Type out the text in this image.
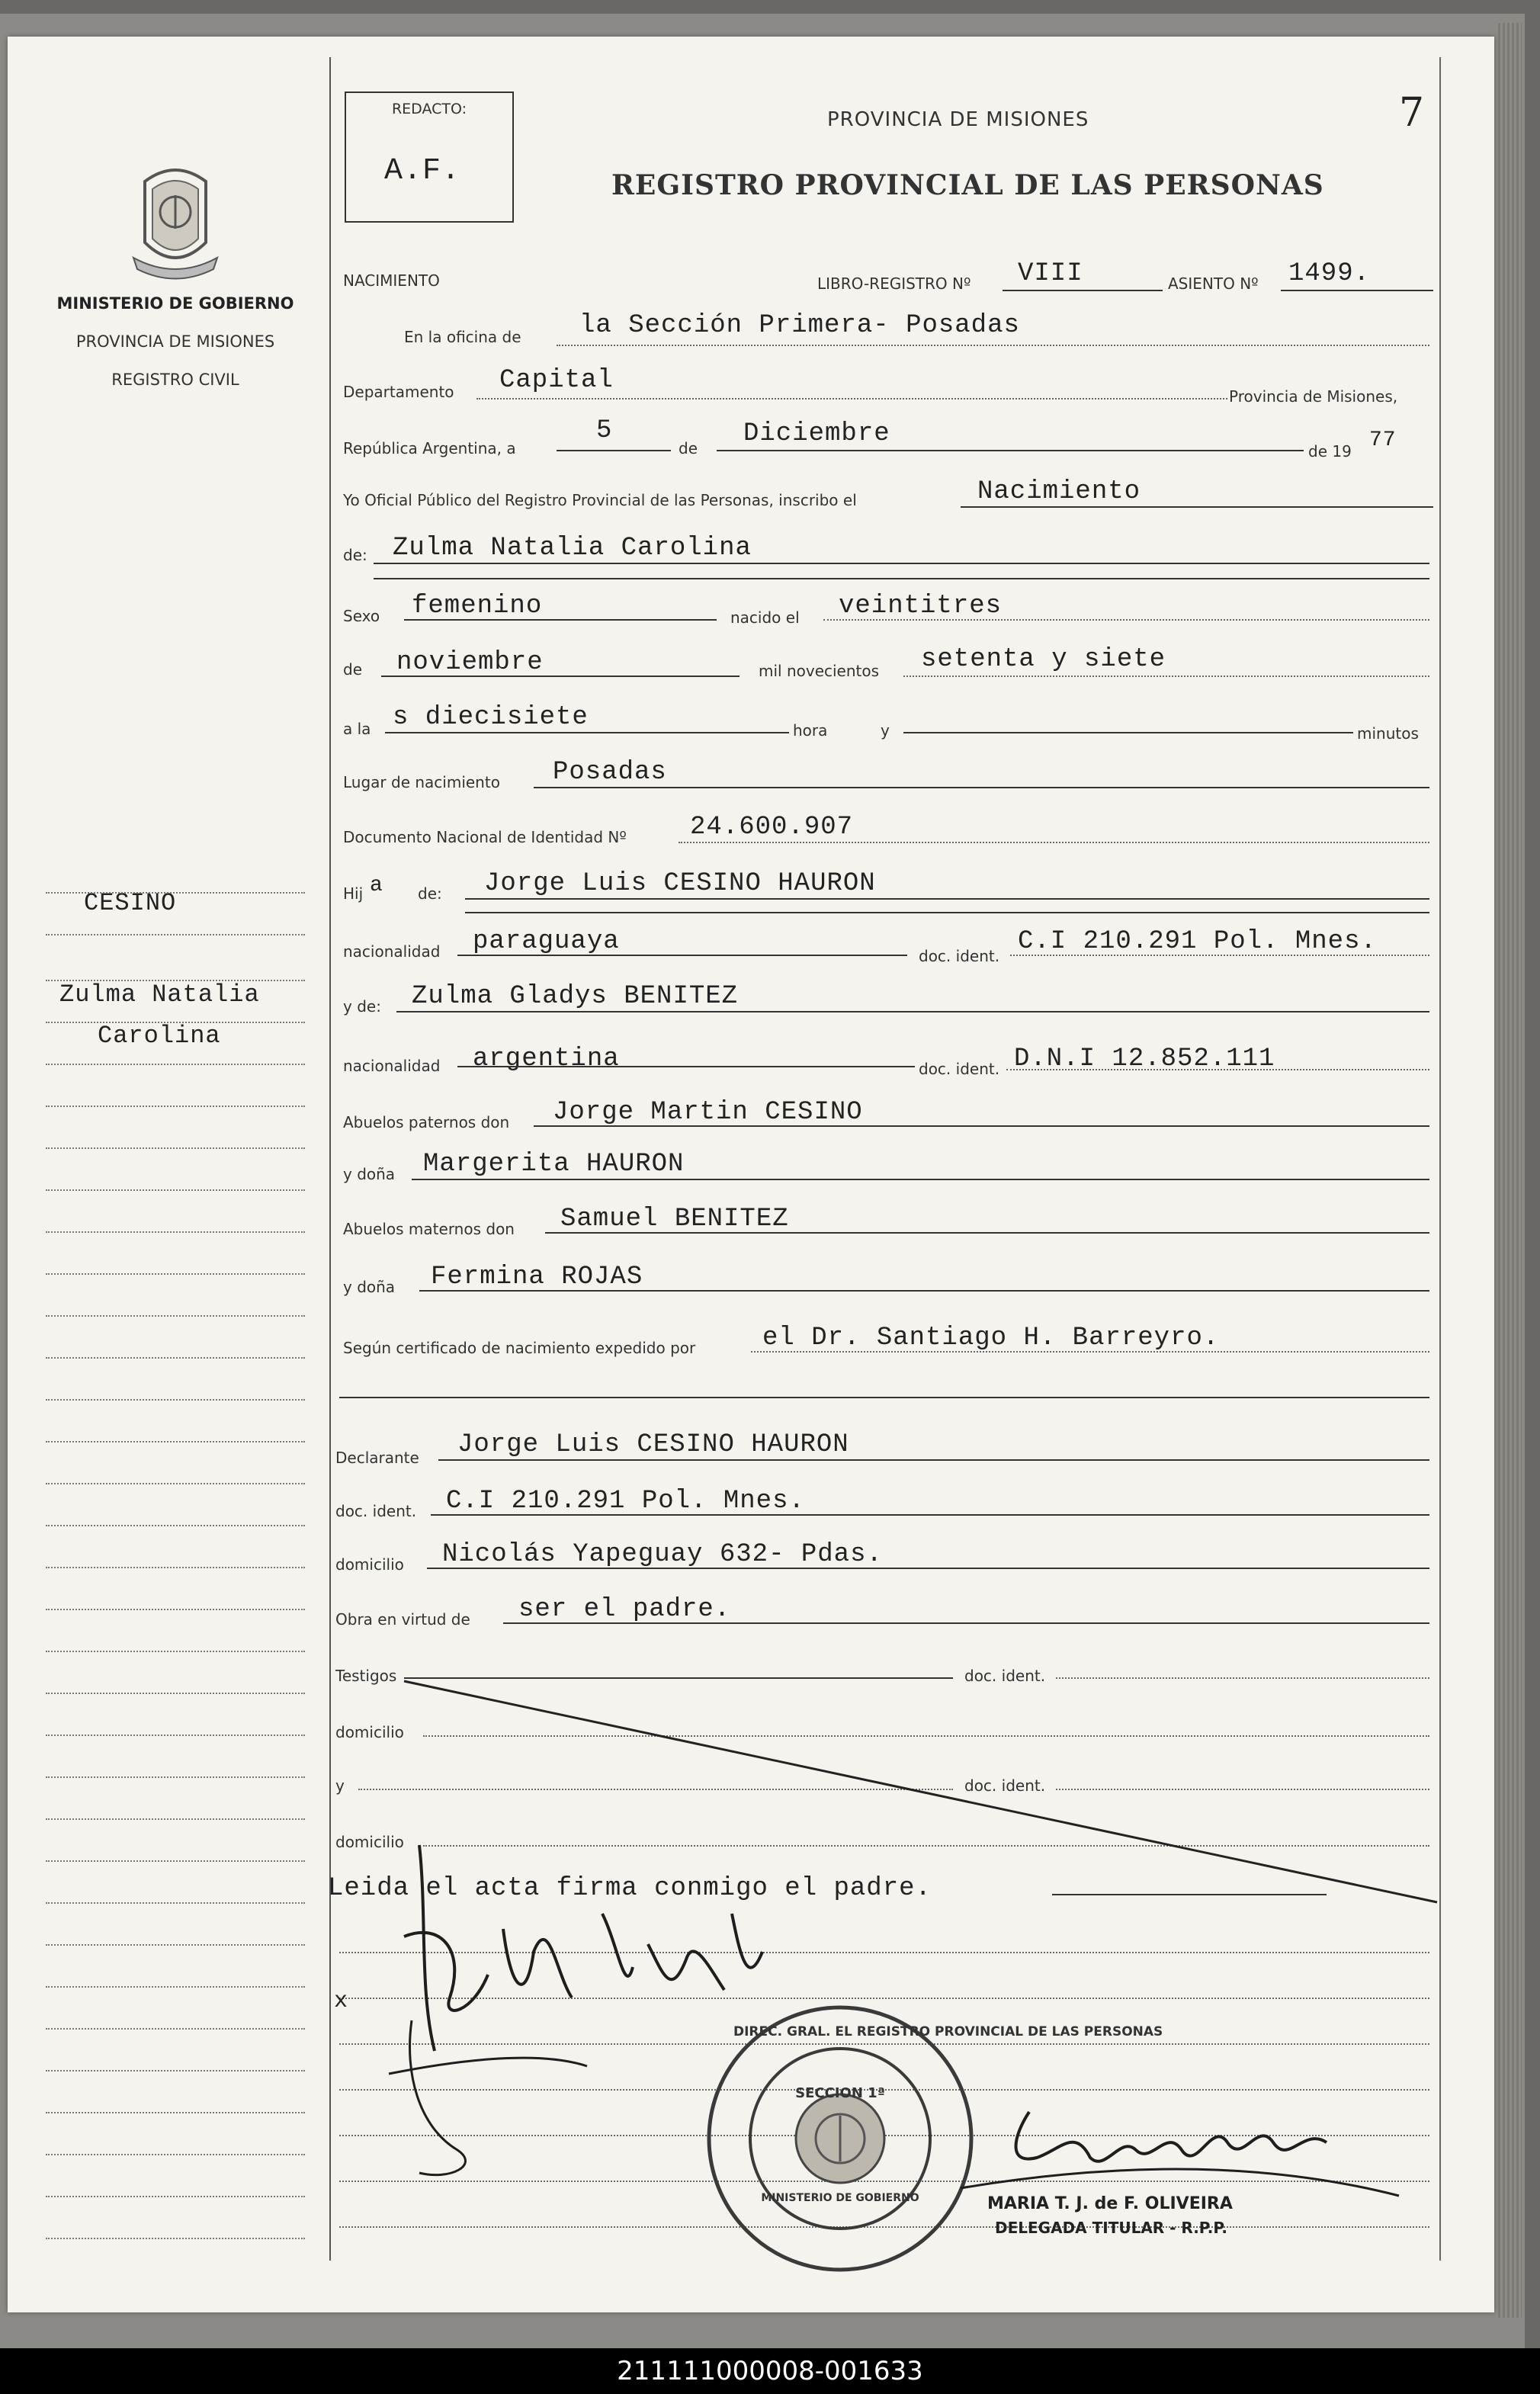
MINISTERIO DE GOBIERNO
PROVINCIA DE MISIONES
REGISTRO CIVIL
CESINO
Zulma Natalia
Carolina
REDACTO:
A.F.
PROVINCIA DE MISIONES
REGISTRO PROVINCIAL DE LAS PERSONAS
7
NACIMIENTO	LIBRO-REGISTRO Nº VIII	ASIENTO Nº 1499.
En la oficina de la Sección Primera- Posadas
Departamento Capital
Provincia de Misiones,
República Argentina, a
5
de Diciembre
de 19 77
Yo Oficial Público del Registro Provincial de las Personas, inscribo el	Nacimiento
de: Zulma Natalia Carolina
Sexo femenino	nacido el veintitres
de noviembre	mil novecientos setenta y siete
a la s diecisiete	hora	y	minutos
Lugar de nacimiento Posadas
Documento Nacional de Identidad Nº 24.600.907
Hij a de: Jorge Luis CESINO HAURON
nacionalidad paraguaya	doc. ident. C.I 210.291 Pol. Mnes.
y de: Zulma Gladys BENITEZ
nacionalidad argentina	doc. ident. D.N.I 12.852.111
Abuelos paternos don Jorge Martin CESINO
y doña Margerita HAURON
Abuelos maternos don Samuel BENITEZ
y doña Fermina ROJAS
Según certificado de nacimiento expedido por	el Dr. Santiago H. Barreyro.
Declarante Jorge Luis CESINO HAURON
doc. ident. C.I 210.291 Pol. Mnes.
domicilio Nicolás Yapeguay 632- Pdas.
Obra en virtud de ser el padre.
Testigos	doc. ident.
domicilio
y	doc. ident.
domicilio
Leida el acta firma conmigo el padre.
x
DIREC. GRAL. EL REGISTRO PROVINCIAL DE LAS PERSONAS
SECCION 1ª
MINISTERIO DE GOBIERNO	MARIA T. J. de F. OLIVEIRA
DELEGADA TITULAR - R.P.P.
211111000008-001633
